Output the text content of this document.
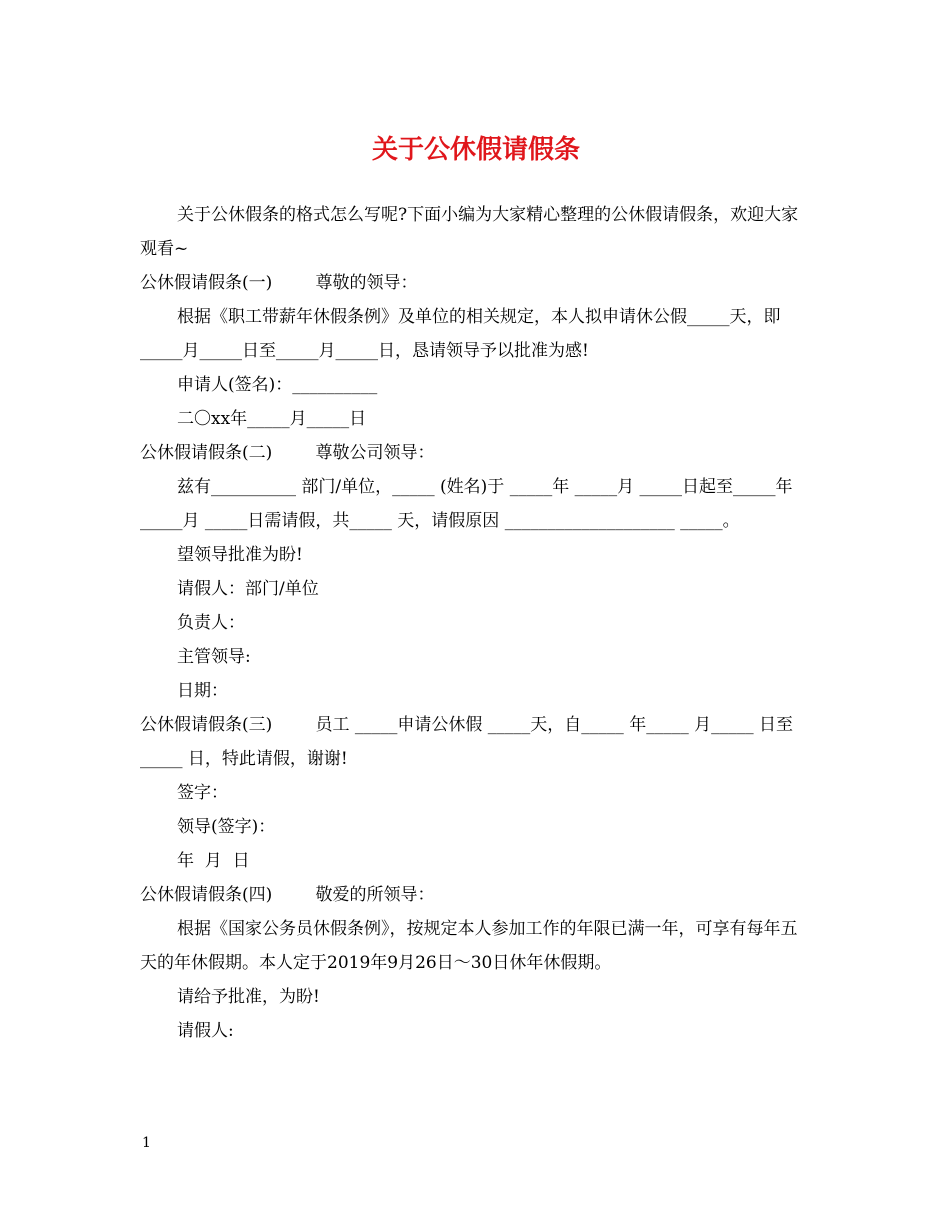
关于公休假请假条

关于公休假条的格式怎么写呢?下面小编为大家精心整理的公休假请假条，欢迎大家观看~

公休假请假条(一)        尊敬的领导：

根据《职工带薪年休假条例》及单位的相关规定，本人拟申请休公假_____天，即_____月_____日至_____月_____日，恳请领导予以批准为感!

申请人(签名)：__________

二〇xx年_____月_____日

公休假请假条(二)        尊敬公司领导：

兹有__________ 部门/单位，_____ (姓名)于 _____年 _____月 _____日起至_____年 _____月 _____日需请假，共_____ 天，请假原因 ____________________ _____。

望领导批准为盼!

请假人：部门/单位

负责人：

主管领导:

日期：

公休假请假条(三)        员工 _____申请公休假 _____天，自_____ 年_____ 月_____ 日至_____ 日，特此请假，谢谢!

签字：

领导(签字)：

年  月  日

公休假请假条(四)        敬爱的所领导：

根据《国家公务员休假条例》，按规定本人参加工作的年限已满一年，可享有每年五天的年休假期。本人定于2019年9月26日～30日休年休假期。

请给予批准，为盼!

请假人:

1
